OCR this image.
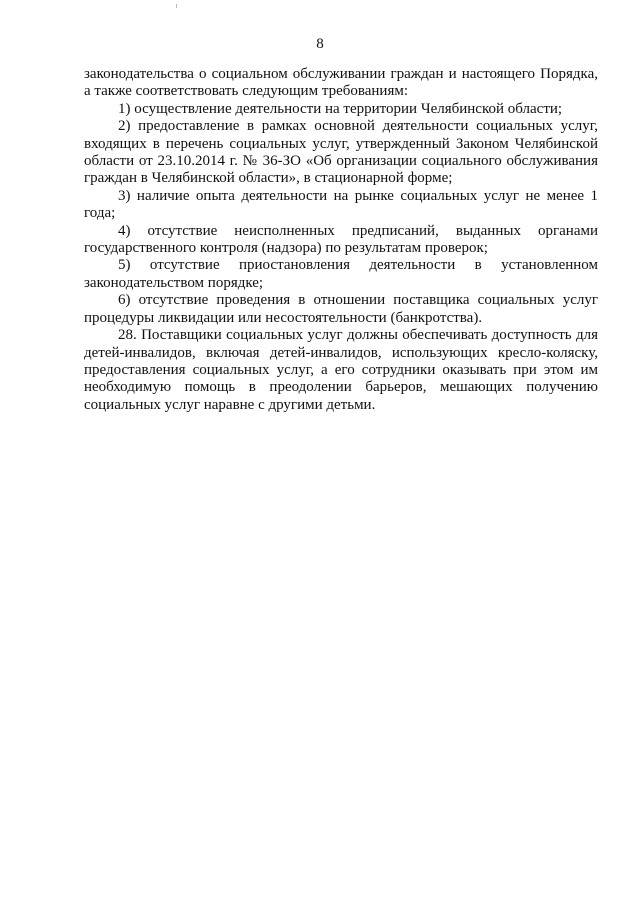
8

законодательства о социальном обслуживании граждан и настоящего Порядка, а также соответствовать следующим требованиям:

1) осуществление деятельности на территории Челябинской области;

2) предоставление в рамках основной деятельности социальных услуг, входящих в перечень социальных услуг, утвержденный Законом Челябинской области от 23.10.2014 г. № 36-ЗО «Об организации социального обслуживания граждан в Челябинской области», в стационарной форме;

3) наличие опыта деятельности на рынке социальных услуг не менее 1 года;

4) отсутствие неисполненных предписаний, выданных органами государственного контроля (надзора) по результатам проверок;

5) отсутствие приостановления деятельности в установленном законодательством порядке;

6) отсутствие проведения в отношении поставщика социальных услуг процедуры ликвидации или несостоятельности (банкротства).

28. Поставщики социальных услуг должны обеспечивать доступность для детей-инвалидов, включая детей-инвалидов, использующих кресло-коляску, предоставления социальных услуг, а его сотрудники оказывать при этом им необходимую помощь в преодолении барьеров, мешающих получению социальных услуг наравне с другими детьми.
